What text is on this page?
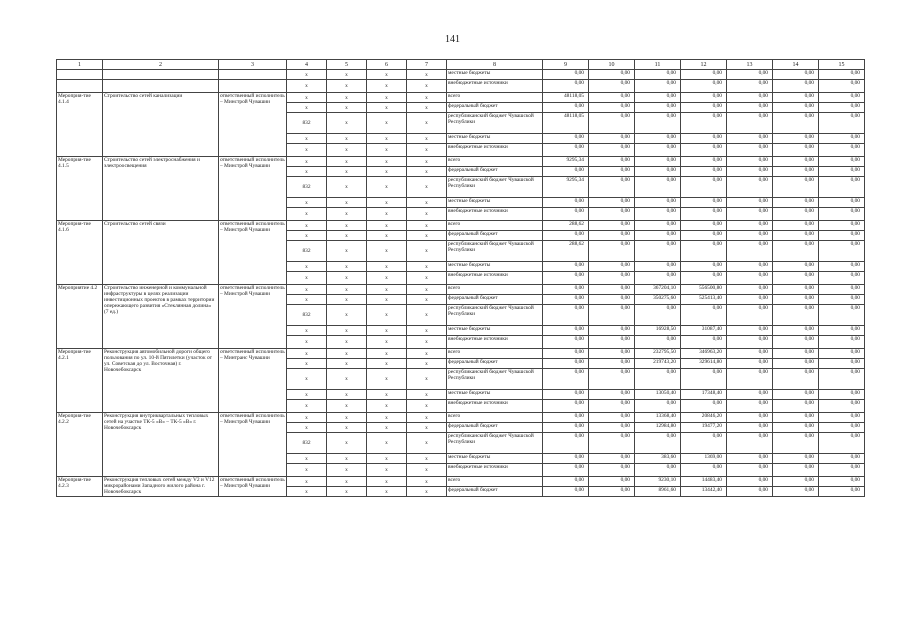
141
1	2	3	4	5	6	7	8	9	10	11	12	13	14	15
			x	x	x	x	местные бюджеты	0,00	0,00	0,00	0,00	0,00	0,00	0,00
			x	x	x	x	внебюджетные источники	0,00	0,00	0,00	0,00	0,00	0,00	0,00
Мероприя-тие 4.1.4	Строительство сетей канализации	ответственный исполнитель – Минстрой Чувашии	x	x	x	x	всего	48118,05	0,00	0,00	0,00	0,00	0,00	0,00
			x	x	x	x	федеральный бюджет	0,00	0,00	0,00	0,00	0,00	0,00	0,00
			832	x	x	x	республиканский бюджет Чувашской Республики	48118,05	0,00	0,00	0,00	0,00	0,00	0,00
			x	x	x	x	местные бюджеты	0,00	0,00	0,00	0,00	0,00	0,00	0,00
			x	x	x	x	внебюджетные источники	0,00	0,00	0,00	0,00	0,00	0,00	0,00
Мероприя-тие 4.1.5	Строительство сетей электроснабжения и электроосвещения	ответственный исполнитель – Минстрой Чувашии	x	x	x	x	всего	9295,34	0,00	0,00	0,00	0,00	0,00	0,00
			x	x	x	x	федеральный бюджет	0,00	0,00	0,00	0,00	0,00	0,00	0,00
			832	x	x	x	республиканский бюджет Чувашской Республики	9295,34	0,00	0,00	0,00	0,00	0,00	0,00
			x	x	x	x	местные бюджеты	0,00	0,00	0,00	0,00	0,00	0,00	0,00
			x	x	x	x	внебюджетные источники	0,00	0,00	0,00	0,00	0,00	0,00	0,00
Мероприя-тие 4.1.6	Строительство сетей связи	ответственный исполнитель – Минстрой Чувашии	x	x	x	x	всего	288,62	0,00	0,00	0,00	0,00	0,00	0,00
			x	x	x	x	федеральный бюджет	0,00	0,00	0,00	0,00	0,00	0,00	0,00
			832	x	x	x	республиканский бюджет Чувашской Республики	288,62	0,00	0,00	0,00	0,00	0,00	0,00
			x	x	x	x	местные бюджеты	0,00	0,00	0,00	0,00	0,00	0,00	0,00
			x	x	x	x	внебюджетные источники	0,00	0,00	0,00	0,00	0,00	0,00	0,00
Мероприятие 4.2	Строительство инженерной и коммунальной инфраструктуры в целях реализации инвестиционных проектов в рамках территории опережающего развития «Стеклянная долина» (7 ед.)	ответственный исполнитель – Минстрой Чувашии	x	x	x	x	всего	0,00	0,00	367204,10	556500,80	0,00	0,00	0,00
			x	x	x	x	федеральный бюджет	0,00	0,00	350275,60	525413,40	0,00	0,00	0,00
			832	x	x	x	республиканский бюджет Чувашской Республики	0,00	0,00	0,00	0,00	0,00	0,00	0,00
			x	x	x	x	местные бюджеты	0,00	0,00	16928,50	31087,40	0,00	0,00	0,00
			x	x	x	x	внебюджетные источники	0,00	0,00	0,00	0,00	0,00	0,00	0,00
Мероприя-тие 4.2.1	Реконструкция автомобильной дороги общего пользования по ул. 10-й Пятилетки (участок от ул. Советская до ул. Восточная) г. Новочебоксарск	ответственный исполнитель – Минтранс Чувашии	x	x	x	x	всего	0,00	0,00	232795,50	346963,20	0,00	0,00	0,00
			x	x	x	x	федеральный бюджет	0,00	0,00	219743,20	329614,80	0,00	0,00	0,00
			x	x	x	x	республиканский бюджет Чувашской Республики	0,00	0,00	0,00	0,00	0,00	0,00	0,00
			x	x	x	x	местные бюджеты	0,00	0,00	13050,40	17348,40	0,00	0,00	0,00
			x	x	x	x	внебюджетные источники	0,00	0,00	0,00	0,00	0,00	0,00	0,00
Мероприя-тие 4.2.2	Реконструкция внутриквартальных тепловых сетей на участке ТК-5 «В» – ТК-5 «В» г. Новочебоксарск	ответственный исполнитель – Минстрой Чувашии	x	x	x	x	всего	0,00	0,00	13368,40	20846,20	0,00	0,00	0,00
			x	x	x	x	федеральный бюджет	0,00	0,00	12984,80	19477,20	0,00	0,00	0,00
			832	x	x	x	республиканский бюджет Чувашской Республики	0,00	0,00	0,00	0,00	0,00	0,00	0,00
			x	x	x	x	местные бюджеты	0,00	0,00	383,60	1369,00	0,00	0,00	0,00
			x	x	x	x	внебюджетные источники	0,00	0,00	0,00	0,00	0,00	0,00	0,00
Мероприя-тие 4.2.3	Реконструкция тепловых сетей между V2 и V12 микрорайонами Западного жилого района г. Новочебоксарск	ответственный исполнитель – Минстрой Чувашии	x	x	x	x	всего	0,00	0,00	9230,10	14483,40	0,00	0,00	0,00
			x	x	x	x	федеральный бюджет	0,00	0,00	8961,60	13442,40	0,00	0,00	0,00
